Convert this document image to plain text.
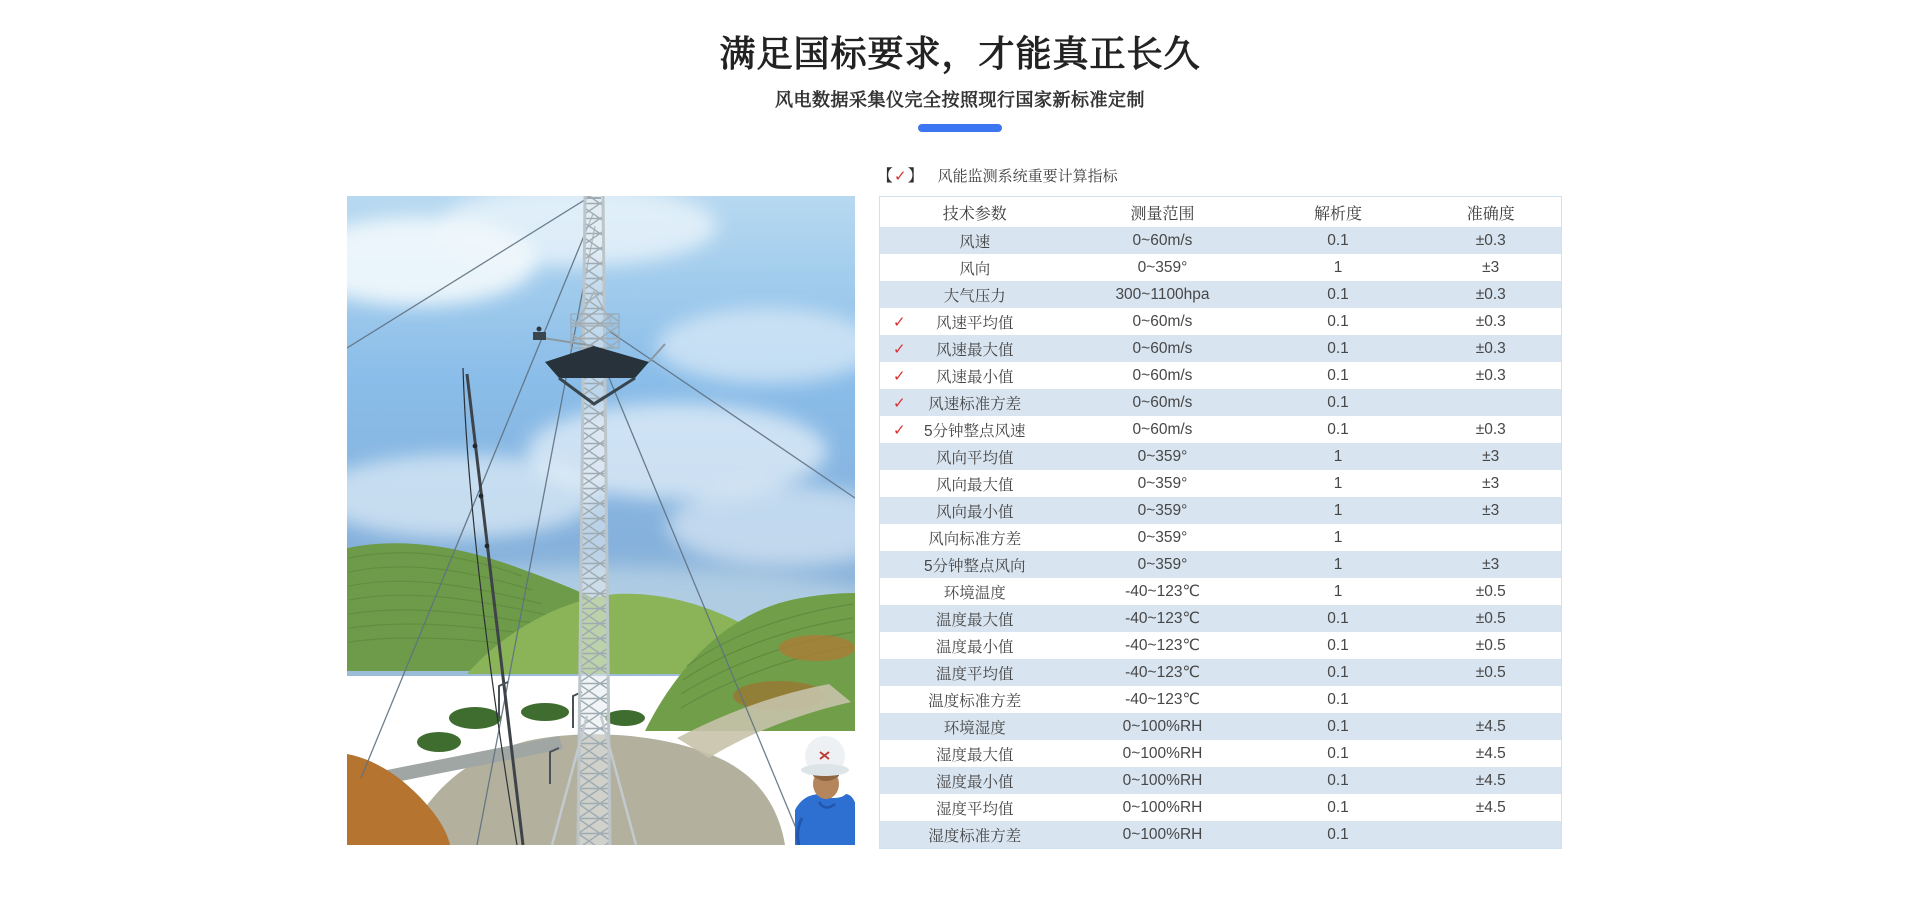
满足国标要求，才能真正长久
风电数据采集仪完全按照现行国家新标准定制
【✓】 风能监测系统重要计算指标
技术参数	测量范围	解析度	准确度

风速	0~60m/s	0.1	±0.3

风向	0~359°	1	±3

大气压力	300~1100hpa	0.1	±0.3

✓ 风速平均值	0~60m/s	0.1	±0.3

✓ 风速最大值	0~60m/s	0.1	±0.3

✓ 风速最小值	0~60m/s	0.1	±0.3

✓ 风速标准方差	0~60m/s	0.1	

✓ 5分钟整点风速	0~60m/s	0.1	±0.3

风向平均值	0~359°	1	±3

风向最大值	0~359°	1	±3

风向最小值	0~359°	1	±3

风向标准方差	0~359°	1	

5分钟整点风向	0~359°	1	±3

环境温度	-40~123℃	1	±0.5

温度最大值	-40~123℃	0.1	±0.5

温度最小值	-40~123℃	0.1	±0.5

温度平均值	-40~123℃	0.1	±0.5

温度标准方差	-40~123℃	0.1	

环境湿度	0~100%RH	0.1	±4.5

湿度最大值	0~100%RH	0.1	±4.5

湿度最小值	0~100%RH	0.1	±4.5

湿度平均值	0~100%RH	0.1	±4.5

湿度标准方差	0~100%RH	0.1	
